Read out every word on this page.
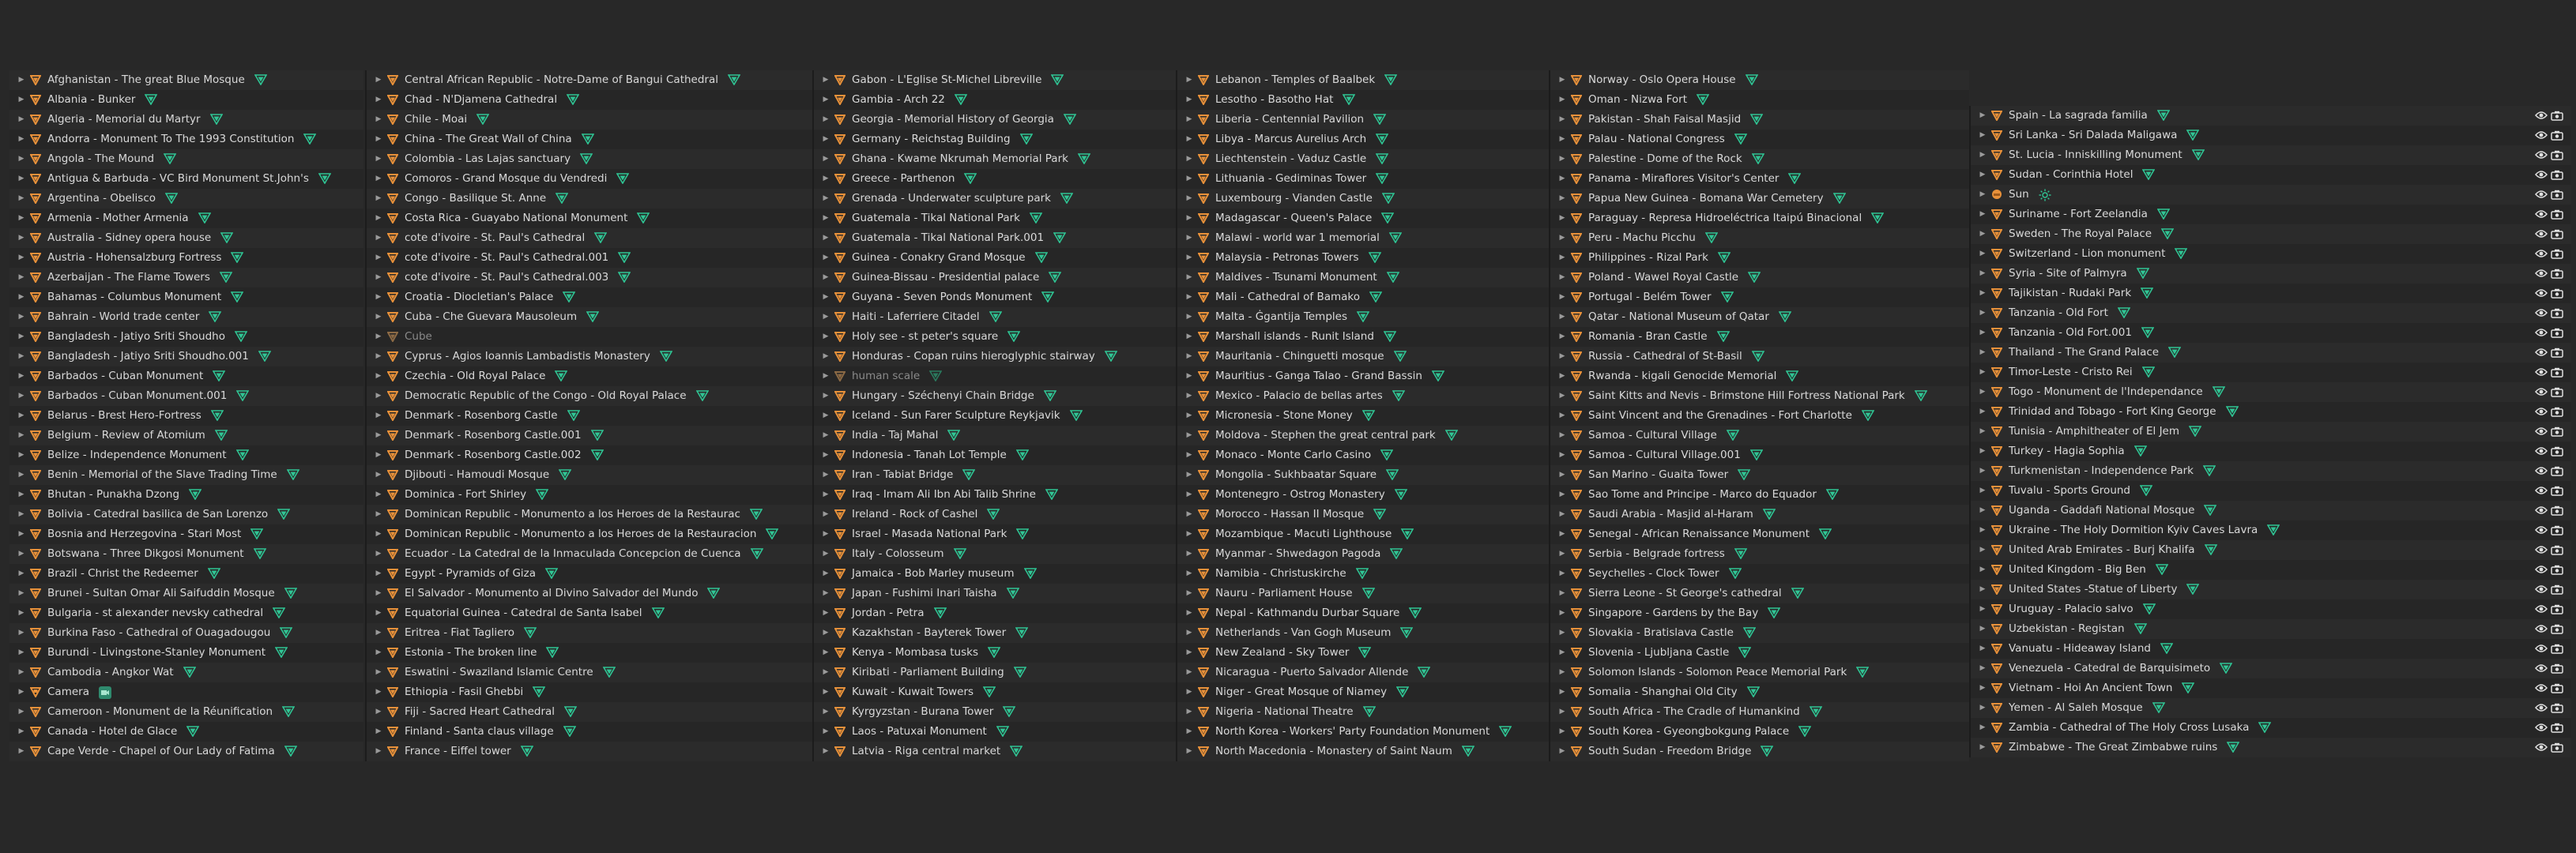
▶ Afghanistan - The great Blue Mosque
▶ Albania - Bunker
▶ Algeria - Memorial du Martyr
▶ Andorra - Monument To The 1993 Constitution
▶ Angola - The Mound
▶ Antigua & Barbuda - VC Bird Monument St.John's
▶ Argentina - Obelisco
▶ Armenia - Mother Armenia
▶ Australia - Sidney opera house
▶ Austria - Hohensalzburg Fortress
▶ Azerbaijan - The Flame Towers
▶ Bahamas - Columbus Monument
▶ Bahrain - World trade center
▶ Bangladesh - Jatiyo Sriti Shoudho
▶ Bangladesh - Jatiyo Sriti Shoudho.001
▶ Barbados - Cuban Monument
▶ Barbados - Cuban Monument.001
▶ Belarus - Brest Hero-Fortress
▶ Belgium - Review of Atomium
▶ Belize - Independence Monument
▶ Benin - Memorial of the Slave Trading Time
▶ Bhutan - Punakha Dzong
▶ Bolivia - Catedral basilica de San Lorenzo
▶ Bosnia and Herzegovina - Stari Most
▶ Botswana - Three Dikgosi Monument
▶ Brazil - Christ the Redeemer
▶ Brunei - Sultan Omar Ali Saifuddin Mosque
▶ Bulgaria - st alexander nevsky cathedral
▶ Burkina Faso - Cathedral of Ouagadougou
▶ Burundi - Livingstone-Stanley Monument
▶ Cambodia - Angkor Wat
▶ Camera
▶ Cameroon - Monument de la Réunification
▶ Canada - Hotel de Glace
▶ Cape Verde - Chapel of Our Lady of Fatima
▶ Central African Republic - Notre-Dame of Bangui Cathedral
▶ Chad - N'Djamena Cathedral
▶ Chile - Moai
▶ China - The Great Wall of China
▶ Colombia - Las Lajas sanctuary
▶ Comoros - Grand Mosque du Vendredi
▶ Congo - Basilique St. Anne
▶ Costa Rica - Guayabo National Monument
▶ cote d'ivoire - St. Paul's Cathedral
▶ cote d'ivoire - St. Paul's Cathedral.001
▶ cote d'ivoire - St. Paul's Cathedral.003
▶ Croatia - Diocletian's Palace
▶ Cuba - Che Guevara Mausoleum
▶ Cube
▶ Cyprus - Agios Ioannis Lambadistis Monastery
▶ Czechia - Old Royal Palace
▶ Democratic Republic of the Congo - Old Royal Palace
▶ Denmark - Rosenborg Castle
▶ Denmark - Rosenborg Castle.001
▶ Denmark - Rosenborg Castle.002
▶ Djibouti - Hamoudi Mosque
▶ Dominica - Fort Shirley
▶ Dominican Republic - Monumento a los Heroes de la Restaurac
▶ Dominican Republic - Monumento a los Heroes de la Restauracion
▶ Ecuador - La Catedral de la Inmaculada Concepcion de Cuenca
▶ Egypt - Pyramids of Giza
▶ El Salvador - Monumento al Divino Salvador del Mundo
▶ Equatorial Guinea - Catedral de Santa Isabel
▶ Eritrea - Fiat Tagliero
▶ Estonia - The broken line
▶ Eswatini - Swaziland Islamic Centre
▶ Ethiopia - Fasil Ghebbi
▶ Fiji - Sacred Heart Cathedral
▶ Finland - Santa claus village
▶ France - Eiffel tower
▶ Gabon - L'Eglise St-Michel Libreville
▶ Gambia - Arch 22
▶ Georgia - Memorial History of Georgia
▶ Germany - Reichstag Building
▶ Ghana - Kwame Nkrumah Memorial Park
▶ Greece - Parthenon
▶ Grenada - Underwater sculpture park
▶ Guatemala - Tikal National Park
▶ Guatemala - Tikal National Park.001
▶ Guinea - Conakry Grand Mosque
▶ Guinea-Bissau - Presidential palace
▶ Guyana - Seven Ponds Monument
▶ Haiti - Laferriere Citadel
▶ Holy see - st peter's square
▶ Honduras - Copan ruins hieroglyphic stairway
▶ human scale
▶ Hungary - Széchenyi Chain Bridge
▶ Iceland - Sun Farer Sculpture Reykjavik
▶ India - Taj Mahal
▶ Indonesia - Tanah Lot Temple
▶ Iran - Tabiat Bridge
▶ Iraq - Imam Ali Ibn Abi Talib Shrine
▶ Ireland - Rock of Cashel
▶ Israel - Masada National Park
▶ Italy - Colosseum
▶ Jamaica - Bob Marley museum
▶ Japan - Fushimi Inari Taisha
▶ Jordan - Petra
▶ Kazakhstan - Bayterek Tower
▶ Kenya - Mombasa tusks
▶ Kiribati - Parliament Building
▶ Kuwait - Kuwait Towers
▶ Kyrgyzstan - Burana Tower
▶ Laos - Patuxai Monument
▶ Latvia - Riga central market
▶ Lebanon - Temples of Baalbek
▶ Lesotho - Basotho Hat
▶ Liberia - Centennial Pavilion
▶ Libya - Marcus Aurelius Arch
▶ Liechtenstein - Vaduz Castle
▶ Lithuania - Gediminas Tower
▶ Luxembourg - Vianden Castle
▶ Madagascar - Queen's Palace
▶ Malawi - world war 1 memorial
▶ Malaysia - Petronas Towers
▶ Maldives - Tsunami Monument
▶ Mali - Cathedral of Bamako
▶ Malta - Ġgantija Temples
▶ Marshall islands - Runit Island
▶ Mauritania - Chinguetti mosque
▶ Mauritius - Ganga Talao - Grand Bassin
▶ Mexico - Palacio de bellas artes
▶ Micronesia - Stone Money
▶ Moldova - Stephen the great central park
▶ Monaco - Monte Carlo Casino
▶ Mongolia - Sukhbaatar Square
▶ Montenegro - Ostrog Monastery
▶ Morocco - Hassan II Mosque
▶ Mozambique - Macuti Lighthouse
▶ Myanmar - Shwedagon Pagoda
▶ Namibia - Christuskirche
▶ Nauru - Parliament House
▶ Nepal - Kathmandu Durbar Square
▶ Netherlands - Van Gogh Museum
▶ New Zealand - Sky Tower
▶ Nicaragua - Puerto Salvador Allende
▶ Niger - Great Mosque of Niamey
▶ Nigeria - National Theatre
▶ North Korea - Workers' Party Foundation Monument
▶ North Macedonia - Monastery of Saint Naum
▶ Norway - Oslo Opera House
▶ Oman - Nizwa Fort
▶ Pakistan - Shah Faisal Masjid
▶ Palau - National Congress
▶ Palestine - Dome of the Rock
▶ Panama - Miraflores Visitor's Center
▶ Papua New Guinea - Bomana War Cemetery
▶ Paraguay - Represa Hidroeléctrica Itaipú Binacional
▶ Peru - Machu Picchu
▶ Philippines - Rizal Park
▶ Poland - Wawel Royal Castle
▶ Portugal - Belém Tower
▶ Qatar - National Museum of Qatar
▶ Romania - Bran Castle
▶ Russia - Cathedral of St-Basil
▶ Rwanda - kigali Genocide Memorial
▶ Saint Kitts and Nevis - Brimstone Hill Fortress National Park
▶ Saint Vincent and the Grenadines - Fort Charlotte
▶ Samoa - Cultural Village
▶ Samoa - Cultural Village.001
▶ San Marino - Guaita Tower
▶ Sao Tome and Principe - Marco do Equador
▶ Saudi Arabia - Masjid al-Haram
▶ Senegal - African Renaissance Monument
▶ Serbia - Belgrade fortress
▶ Seychelles - Clock Tower
▶ Sierra Leone - St George's cathedral
▶ Singapore - Gardens by the Bay
▶ Slovakia - Bratislava Castle
▶ Slovenia - Ljubljana Castle
▶ Solomon Islands - Solomon Peace Memorial Park
▶ Somalia - Shanghai Old City
▶ South Africa - The Cradle of Humankind
▶ South Korea - Gyeongbokgung Palace
▶ South Sudan - Freedom Bridge
▶ Spain - La sagrada familia
▶ Sri Lanka - Sri Dalada Maligawa
▶ St. Lucia - Inniskilling Monument
▶ Sudan - Corinthia Hotel
▶ Sun
▶ Suriname - Fort Zeelandia
▶ Sweden - The Royal Palace
▶ Switzerland - Lion monument
▶ Syria - Site of Palmyra
▶ Tajikistan - Rudaki Park
▶ Tanzania - Old Fort
▶ Tanzania - Old Fort.001
▶ Thailand - The Grand Palace
▶ Timor-Leste - Cristo Rei
▶ Togo - Monument de l'Independance
▶ Trinidad and Tobago - Fort King George
▶ Tunisia - Amphitheater of El Jem
▶ Turkey - Hagia Sophia
▶ Turkmenistan - Independence Park
▶ Tuvalu - Sports Ground
▶ Uganda - Gaddafi National Mosque
▶ Ukraine - The Holy Dormition Kyiv Caves Lavra
▶ United Arab Emirates - Burj Khalifa
▶ United Kingdom - Big Ben
▶ United States -Statue of Liberty
▶ Uruguay - Palacio salvo
▶ Uzbekistan - Registan
▶ Vanuatu - Hideaway Island
▶ Venezuela - Catedral de Barquisimeto
▶ Vietnam - Hoi An Ancient Town
▶ Yemen - Al Saleh Mosque
▶ Zambia - Cathedral of The Holy Cross Lusaka
▶ Zimbabwe - The Great Zimbabwe ruins
